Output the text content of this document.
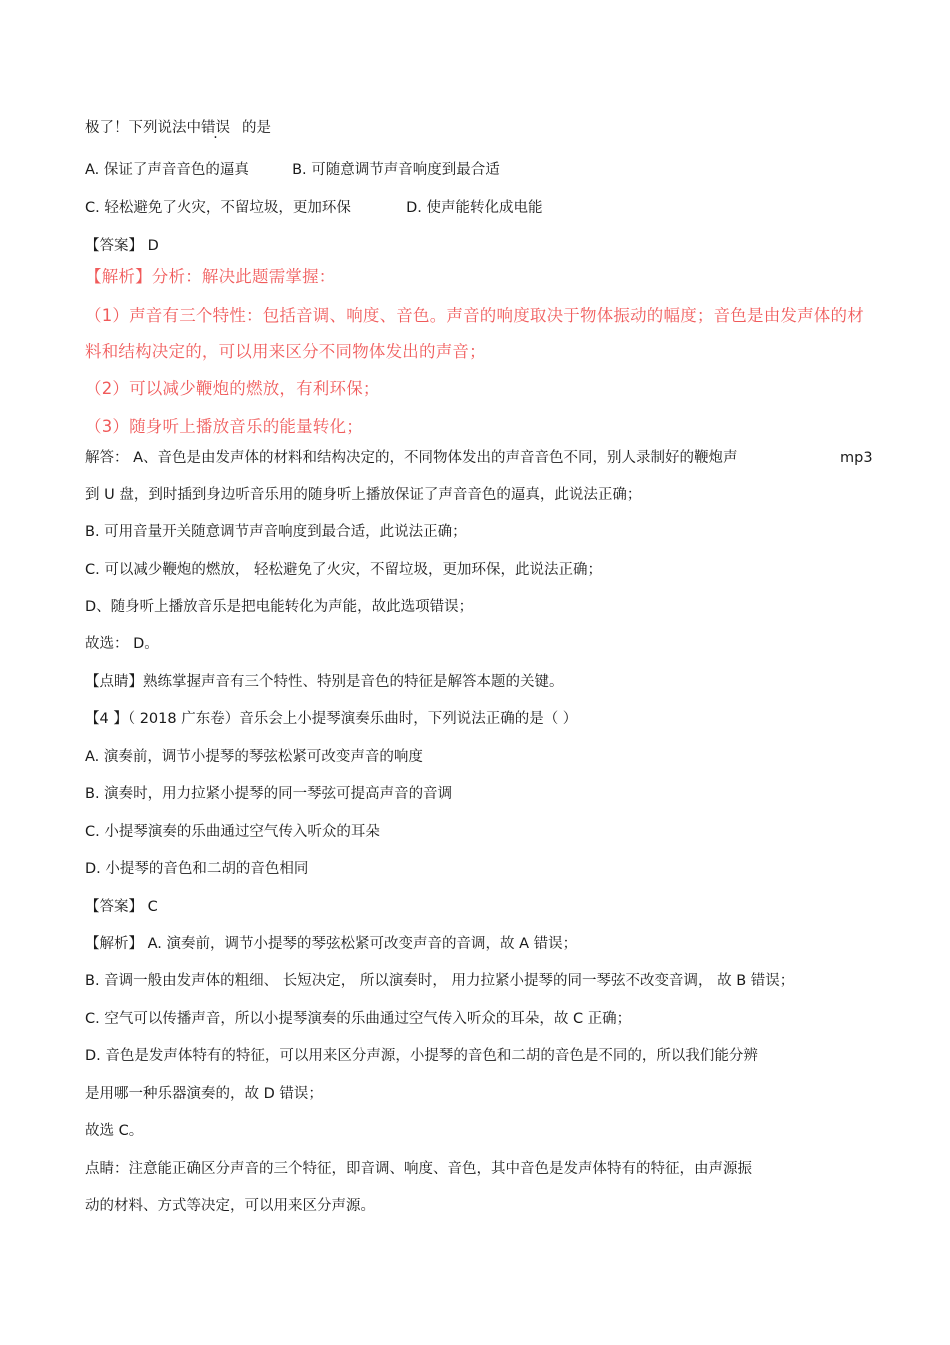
极了！下列说法中错误 的是
A. 保证了声音音色的逼真	B. 可随意调节声音响度到最合适
C. 轻松避免了火灾，不留垃圾，更加环保	D. 使声能转化成电能
【答案】 D
【解析】分析：解决此题需掌握：
（1）声音有三个特性：包括音调、响度、音色。声音的响度取决于物体振动的幅度；音色是由发声体的材
料和结构决定的，可以用来区分不同物体发出的声音；
（2）可以减少鞭炮的燃放，有利环保；
（3）随身听上播放音乐的能量转化；
解答： A、音色是由发声体的材料和结构决定的，不同物体发出的声音音色不同，别人录制好的鞭炮声	mp3
到 U 盘，到时插到身边听音乐用的随身听上播放保证了声音音色的逼真，此说法正确；
B. 可用音量开关随意调节声音响度到最合适，此说法正确；
C. 可以减少鞭炮的燃放， 轻松避免了火灾，不留垃圾，更加环保，此说法正确；
D、随身听上播放音乐是把电能转化为声能，故此选项错误；
故选： D。
【点睛】熟练掌握声音有三个特性、特别是音色的特征是解答本题的关键。
【4 】（ 2018 广东卷）音乐会上小提琴演奏乐曲时，下列说法正确的是（ ）
A. 演奏前，调节小提琴的琴弦松紧可改变声音的响度
B. 演奏时，用力拉紧小提琴的同一琴弦可提高声音的音调
C. 小提琴演奏的乐曲通过空气传入听众的耳朵
D. 小提琴的音色和二胡的音色相同
【答案】 C
【解析】 A. 演奏前，调节小提琴的琴弦松紧可改变声音的音调，故 A 错误；
B. 音调一般由发声体的粗细、 长短决定， 所以演奏时， 用力拉紧小提琴的同一琴弦不改变音调， 故 B 错误；
C. 空气可以传播声音，所以小提琴演奏的乐曲通过空气传入听众的耳朵，故 C 正确；
D. 音色是发声体特有的特征，可以用来区分声源，小提琴的音色和二胡的音色是不同的，所以我们能分辨
是用哪一种乐器演奏的，故 D 错误；
故选 C。
点睛：注意能正确区分声音的三个特征，即音调、响度、音色，其中音色是发声体特有的特征，由声源振
动的材料、方式等决定，可以用来区分声源。
